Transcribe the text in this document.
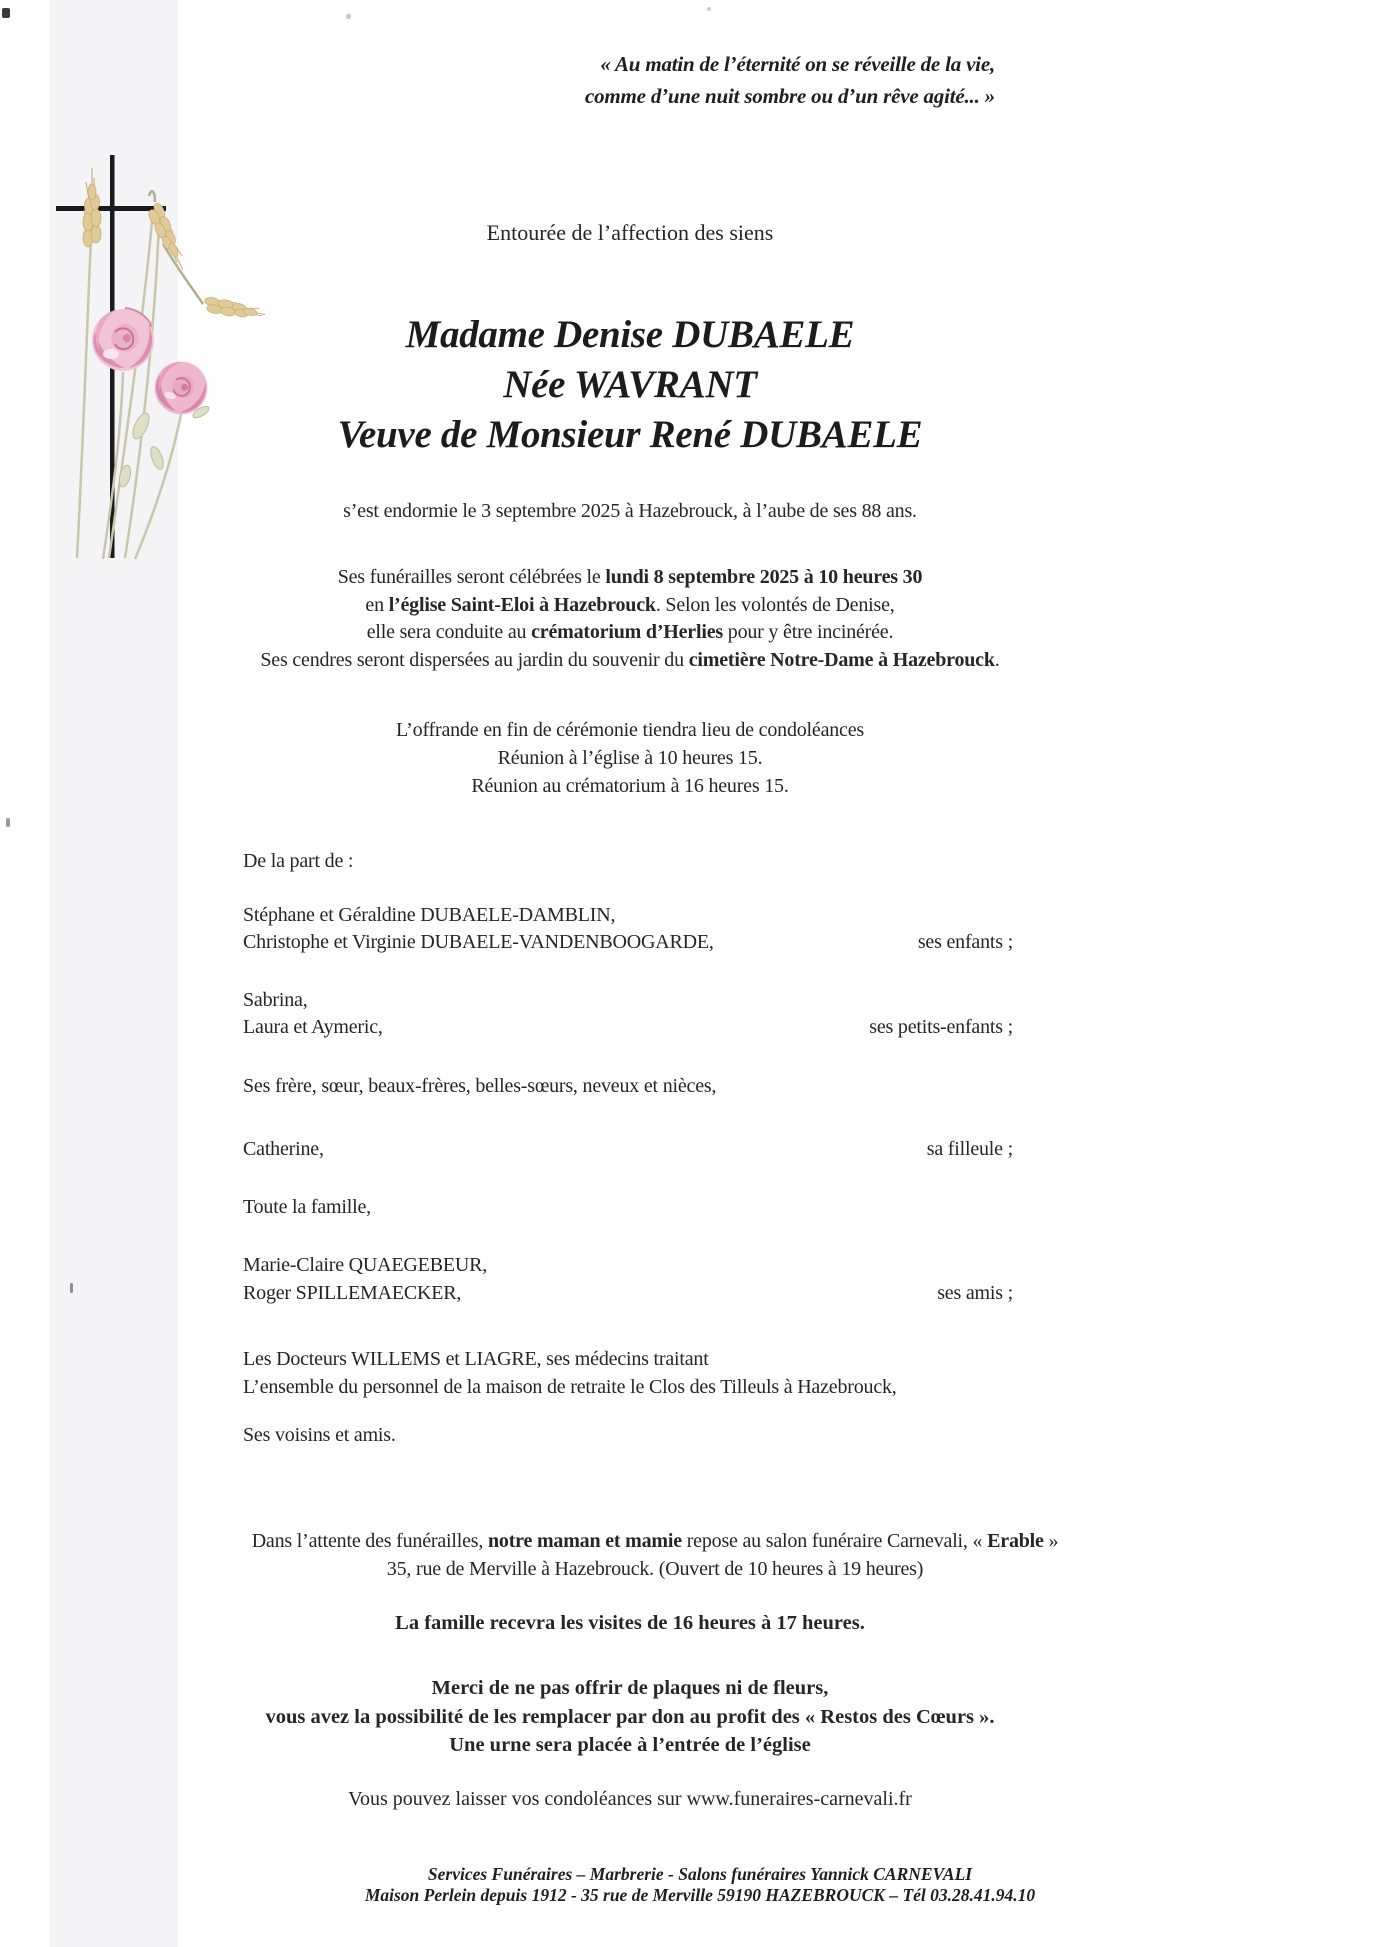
« Au matin de l’éternité on se réveille de la vie,
comme d’une nuit sombre ou d’un rêve agité... »
Entourée de l’affection des siens
Madame Denise DUBAELE
Née WAVRANT
Veuve de Monsieur René DUBAELE
s’est endormie le 3 septembre 2025 à Hazebrouck, à l’aube de ses 88 ans.
Ses funérailles seront célébrées le lundi 8 septembre 2025 à 10 heures 30
en l’église Saint-Eloi à Hazebrouck. Selon les volontés de Denise,
elle sera conduite au crématorium d’Herlies pour y être incinérée.
Ses cendres seront dispersées au jardin du souvenir du cimetière Notre-Dame à Hazebrouck.
L’offrande en fin de cérémonie tiendra lieu de condoléances
Réunion à l’église à 10 heures 15.
Réunion au crématorium à 16 heures 15.
De la part de :
Stéphane et Géraldine DUBAELE-DAMBLIN,
Christophe et Virginie DUBAELE-VANDENBOOGARDE,	ses enfants ;
Sabrina,
Laura et Aymeric,	ses petits-enfants ;
Ses frère, sœur, beaux-frères, belles-sœurs, neveux et nièces,
Catherine,	sa filleule ;
Toute la famille,
Marie-Claire QUAEGEBEUR,
Roger SPILLEMAECKER,	ses amis ;
Les Docteurs WILLEMS et LIAGRE, ses médecins traitant
L’ensemble du personnel de la maison de retraite le Clos des Tilleuls à Hazebrouck,
Ses voisins et amis.
Dans l’attente des funérailles, notre maman et mamie repose au salon funéraire Carnevali, « Erable »
35, rue de Merville à Hazebrouck. (Ouvert de 10 heures à 19 heures)
La famille recevra les visites de 16 heures à 17 heures.
Merci de ne pas offrir de plaques ni de fleurs,
vous avez la possibilité de les remplacer par don au profit des « Restos des Cœurs ».
Une urne sera placée à l’entrée de l’église
Vous pouvez laisser vos condoléances sur www.funeraires-carnevali.fr
Services Funéraires – Marbrerie - Salons funéraires Yannick CARNEVALI
Maison Perlein depuis 1912 - 35 rue de Merville 59190 HAZEBROUCK – Tél 03.28.41.94.10
